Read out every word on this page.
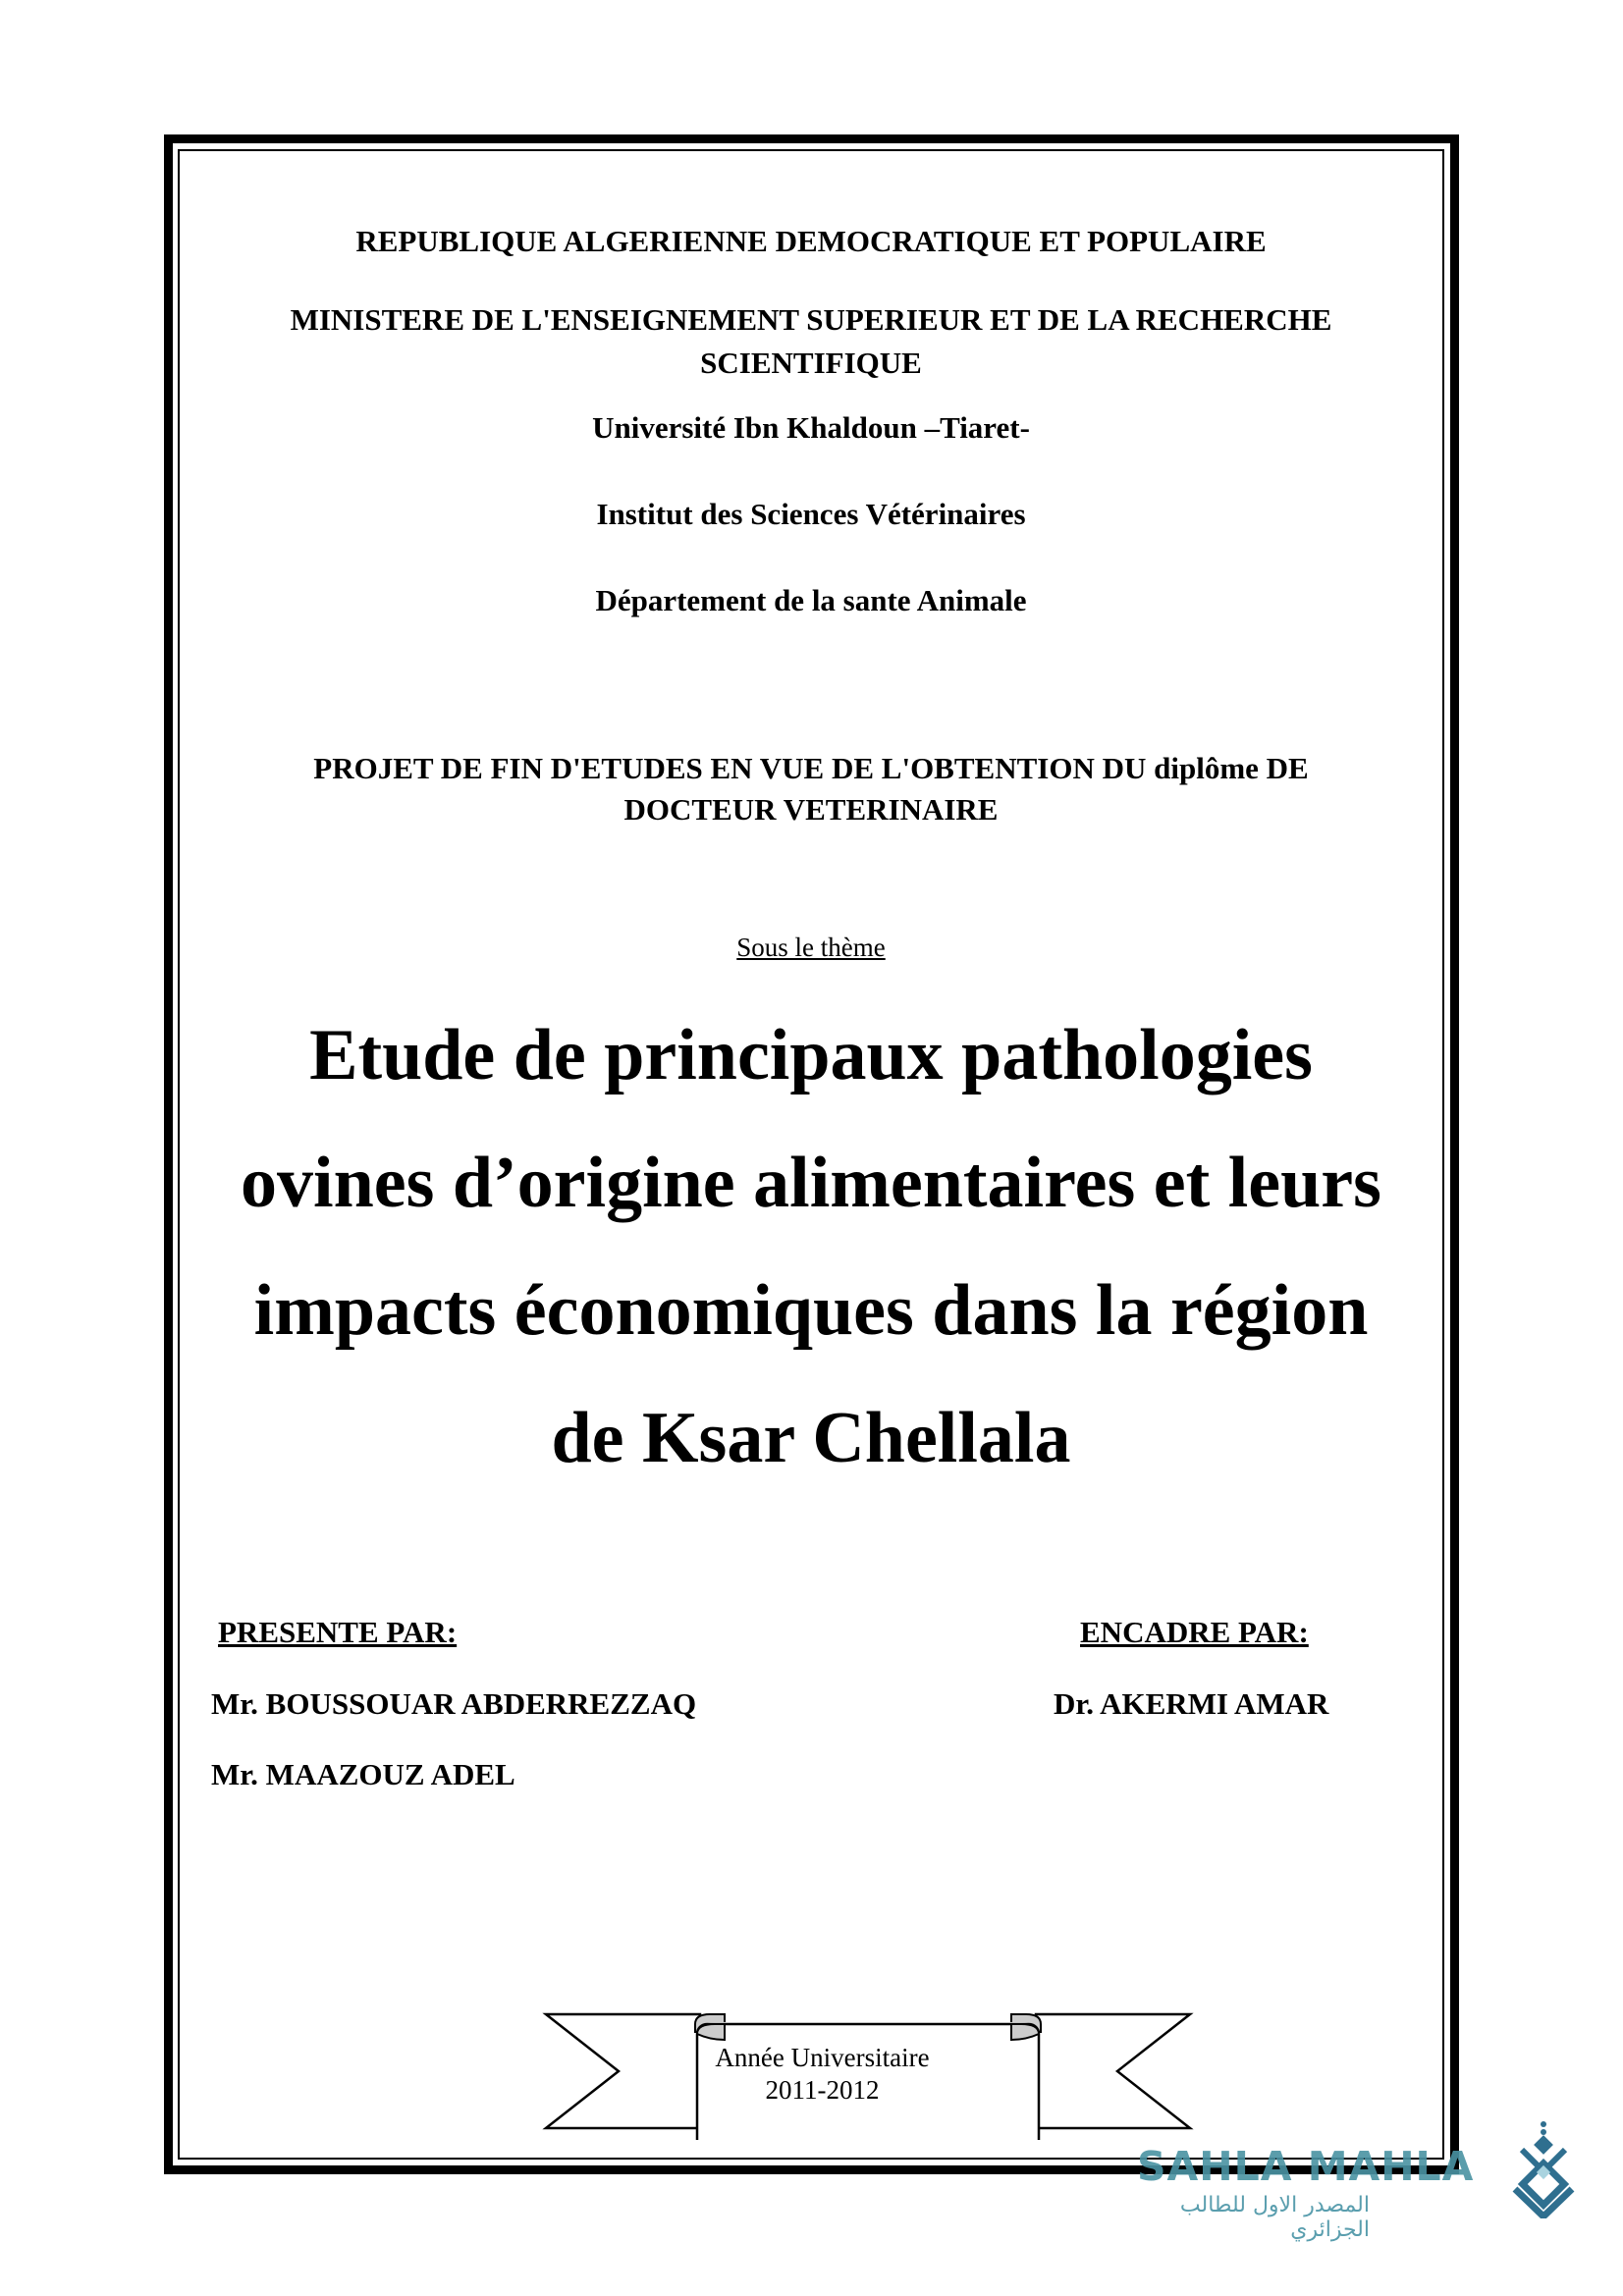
REPUBLIQUE ALGERIENNE DEMOCRATIQUE ET POPULAIRE
MINISTERE DE L'ENSEIGNEMENT SUPERIEUR ET DE LA RECHERCHE
SCIENTIFIQUE
Université Ibn Khaldoun –Tiaret-
Institut des Sciences Vétérinaires
Département de la sante Animale
PROJET DE FIN D'ETUDES EN VUE DE L'OBTENTION DU diplôme DE
DOCTEUR VETERINAIRE
Sous le thème
Etude de principaux pathologies
ovines d’origine alimentaires et leurs
impacts économiques dans la région
de Ksar Chellala
PRESENTE PAR:
Mr. BOUSSOUAR ABDERREZZAQ
Mr. MAAZOUZ ADEL
ENCADRE PAR:
Dr. AKERMI AMAR
Année Universitaire
2011-2012
SAHLA MAHLA
المصدر الاول للطالب الجزائري
